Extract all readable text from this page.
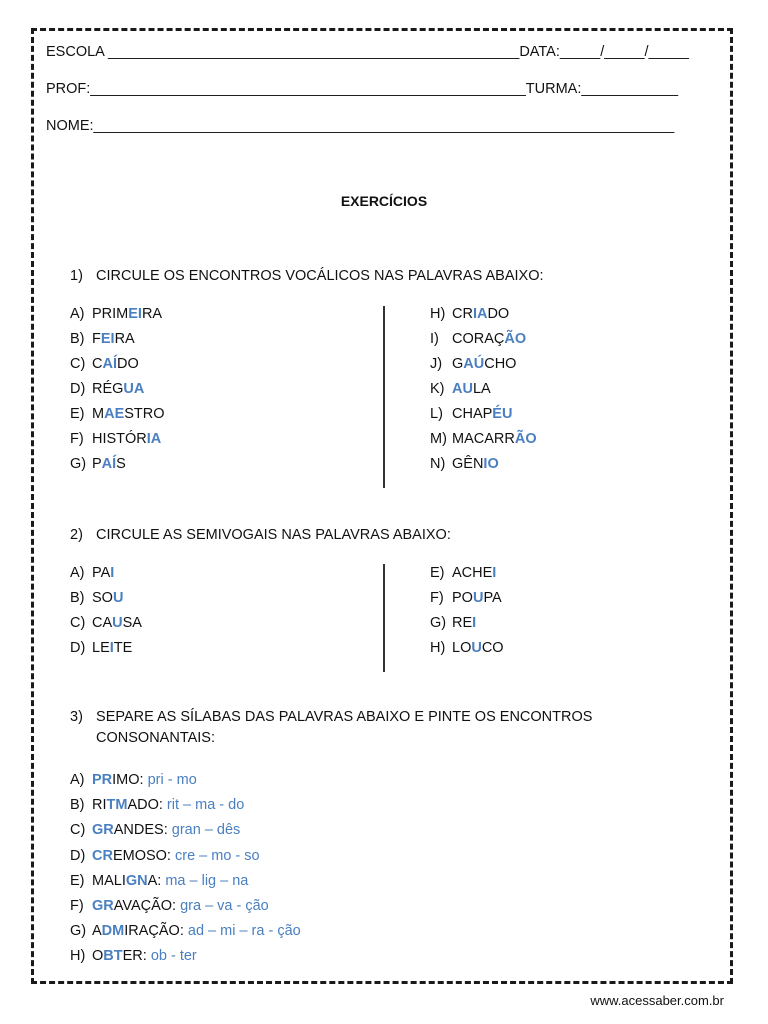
ESCOLA ___________________________________________________DATA:_____/_____/_____
PROF:______________________________________________________TURMA:____________
NOME:________________________________________________________________________
EXERCÍCIOS
1) CIRCULE OS ENCONTROS VOCÁLICOS NAS PALAVRAS ABAIXO:
A) PRIMEIRA
B) FEIRA
C) CAÍDO
D) RÉGUA
E) MAESTRO
F) HISTÓRIA
G) PAÍS
H) CRIADO
I) CORAÇÃO
J) GAÚCHO
K) AULA
L) CHAPÉU
M) MACARRÃO
N) GÊNIO
2) CIRCULE AS SEMIVOGAIS NAS PALAVRAS ABAIXO:
A) PAI
B) SOU
C) CAUSA
D) LEITE
E) ACHEI
F) POUPA
G) REI
H) LOUCO
3) SEPARE AS SÍLABAS DAS PALAVRAS ABAIXO E PINTE OS ENCONTROS
CONSONANTAIS:
A) PRIMO: pri - mo
B) RITMADO: rit – ma - do
C) GRANDES: gran – dês
D) CREMOSO: cre – mo - so
E) MALIGNA: ma – lig – na
F) GRAVAÇÃO: gra – va - ção
G) ADMIRAÇÃO: ad – mi – ra - ção
H) OBTER: ob - ter
www.acessaber.com.br
